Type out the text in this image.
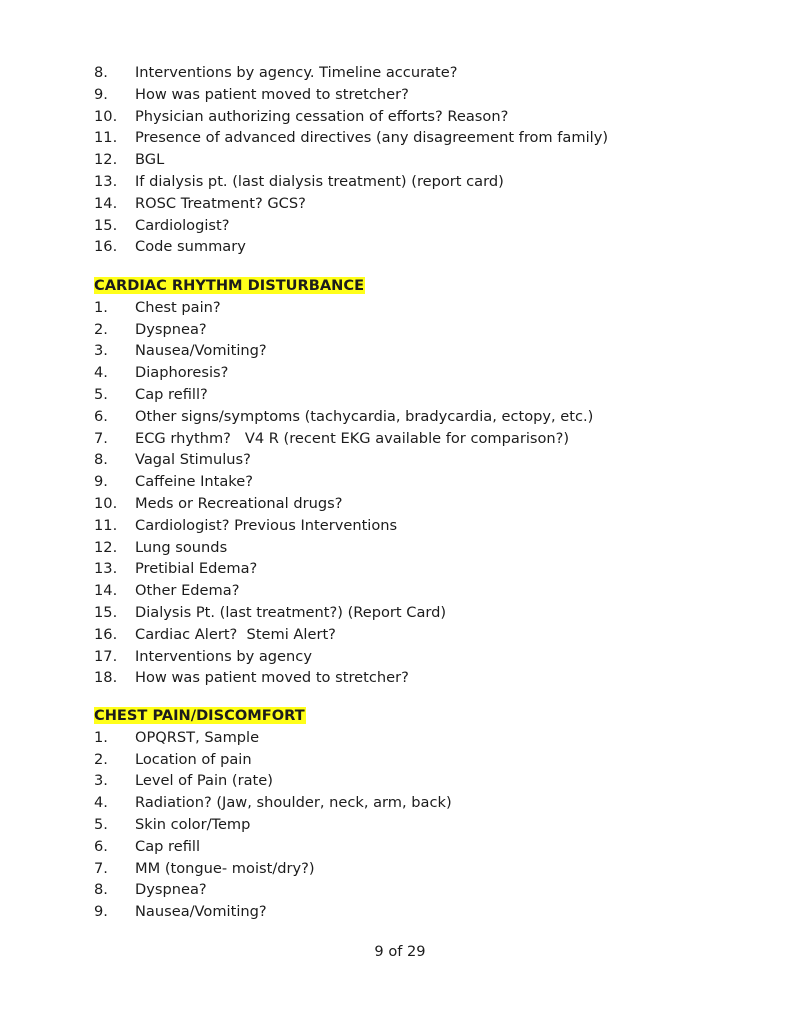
8. Interventions by agency. Timeline accurate?
9. How was patient moved to stretcher?
10. Physician authorizing cessation of efforts? Reason?
11. Presence of advanced directives (any disagreement from family)
12. BGL
13. If dialysis pt. (last dialysis treatment) (report card)
14. ROSC Treatment? GCS?
15. Cardiologist?
16. Code summary
CARDIAC RHYTHM DISTURBANCE
1. Chest pain?
2. Dyspnea?
3. Nausea/Vomiting?
4. Diaphoresis?
5. Cap refill?
6. Other signs/symptoms (tachycardia, bradycardia, ectopy, etc.)
7. ECG rhythm?   V4 R (recent EKG available for comparison?)
8. Vagal Stimulus?
9. Caffeine Intake?
10. Meds or Recreational drugs?
11. Cardiologist? Previous Interventions
12. Lung sounds
13. Pretibial Edema?
14. Other Edema?
15. Dialysis Pt. (last treatment?) (Report Card)
16. Cardiac Alert?  Stemi Alert?
17. Interventions by agency
18. How was patient moved to stretcher?
CHEST PAIN/DISCOMFORT
1. OPQRST, Sample
2. Location of pain
3. Level of Pain (rate)
4. Radiation? (Jaw, shoulder, neck, arm, back)
5. Skin color/Temp
6. Cap refill
7. MM (tongue- moist/dry?)
8. Dyspnea?
9. Nausea/Vomiting?
9 of 29
